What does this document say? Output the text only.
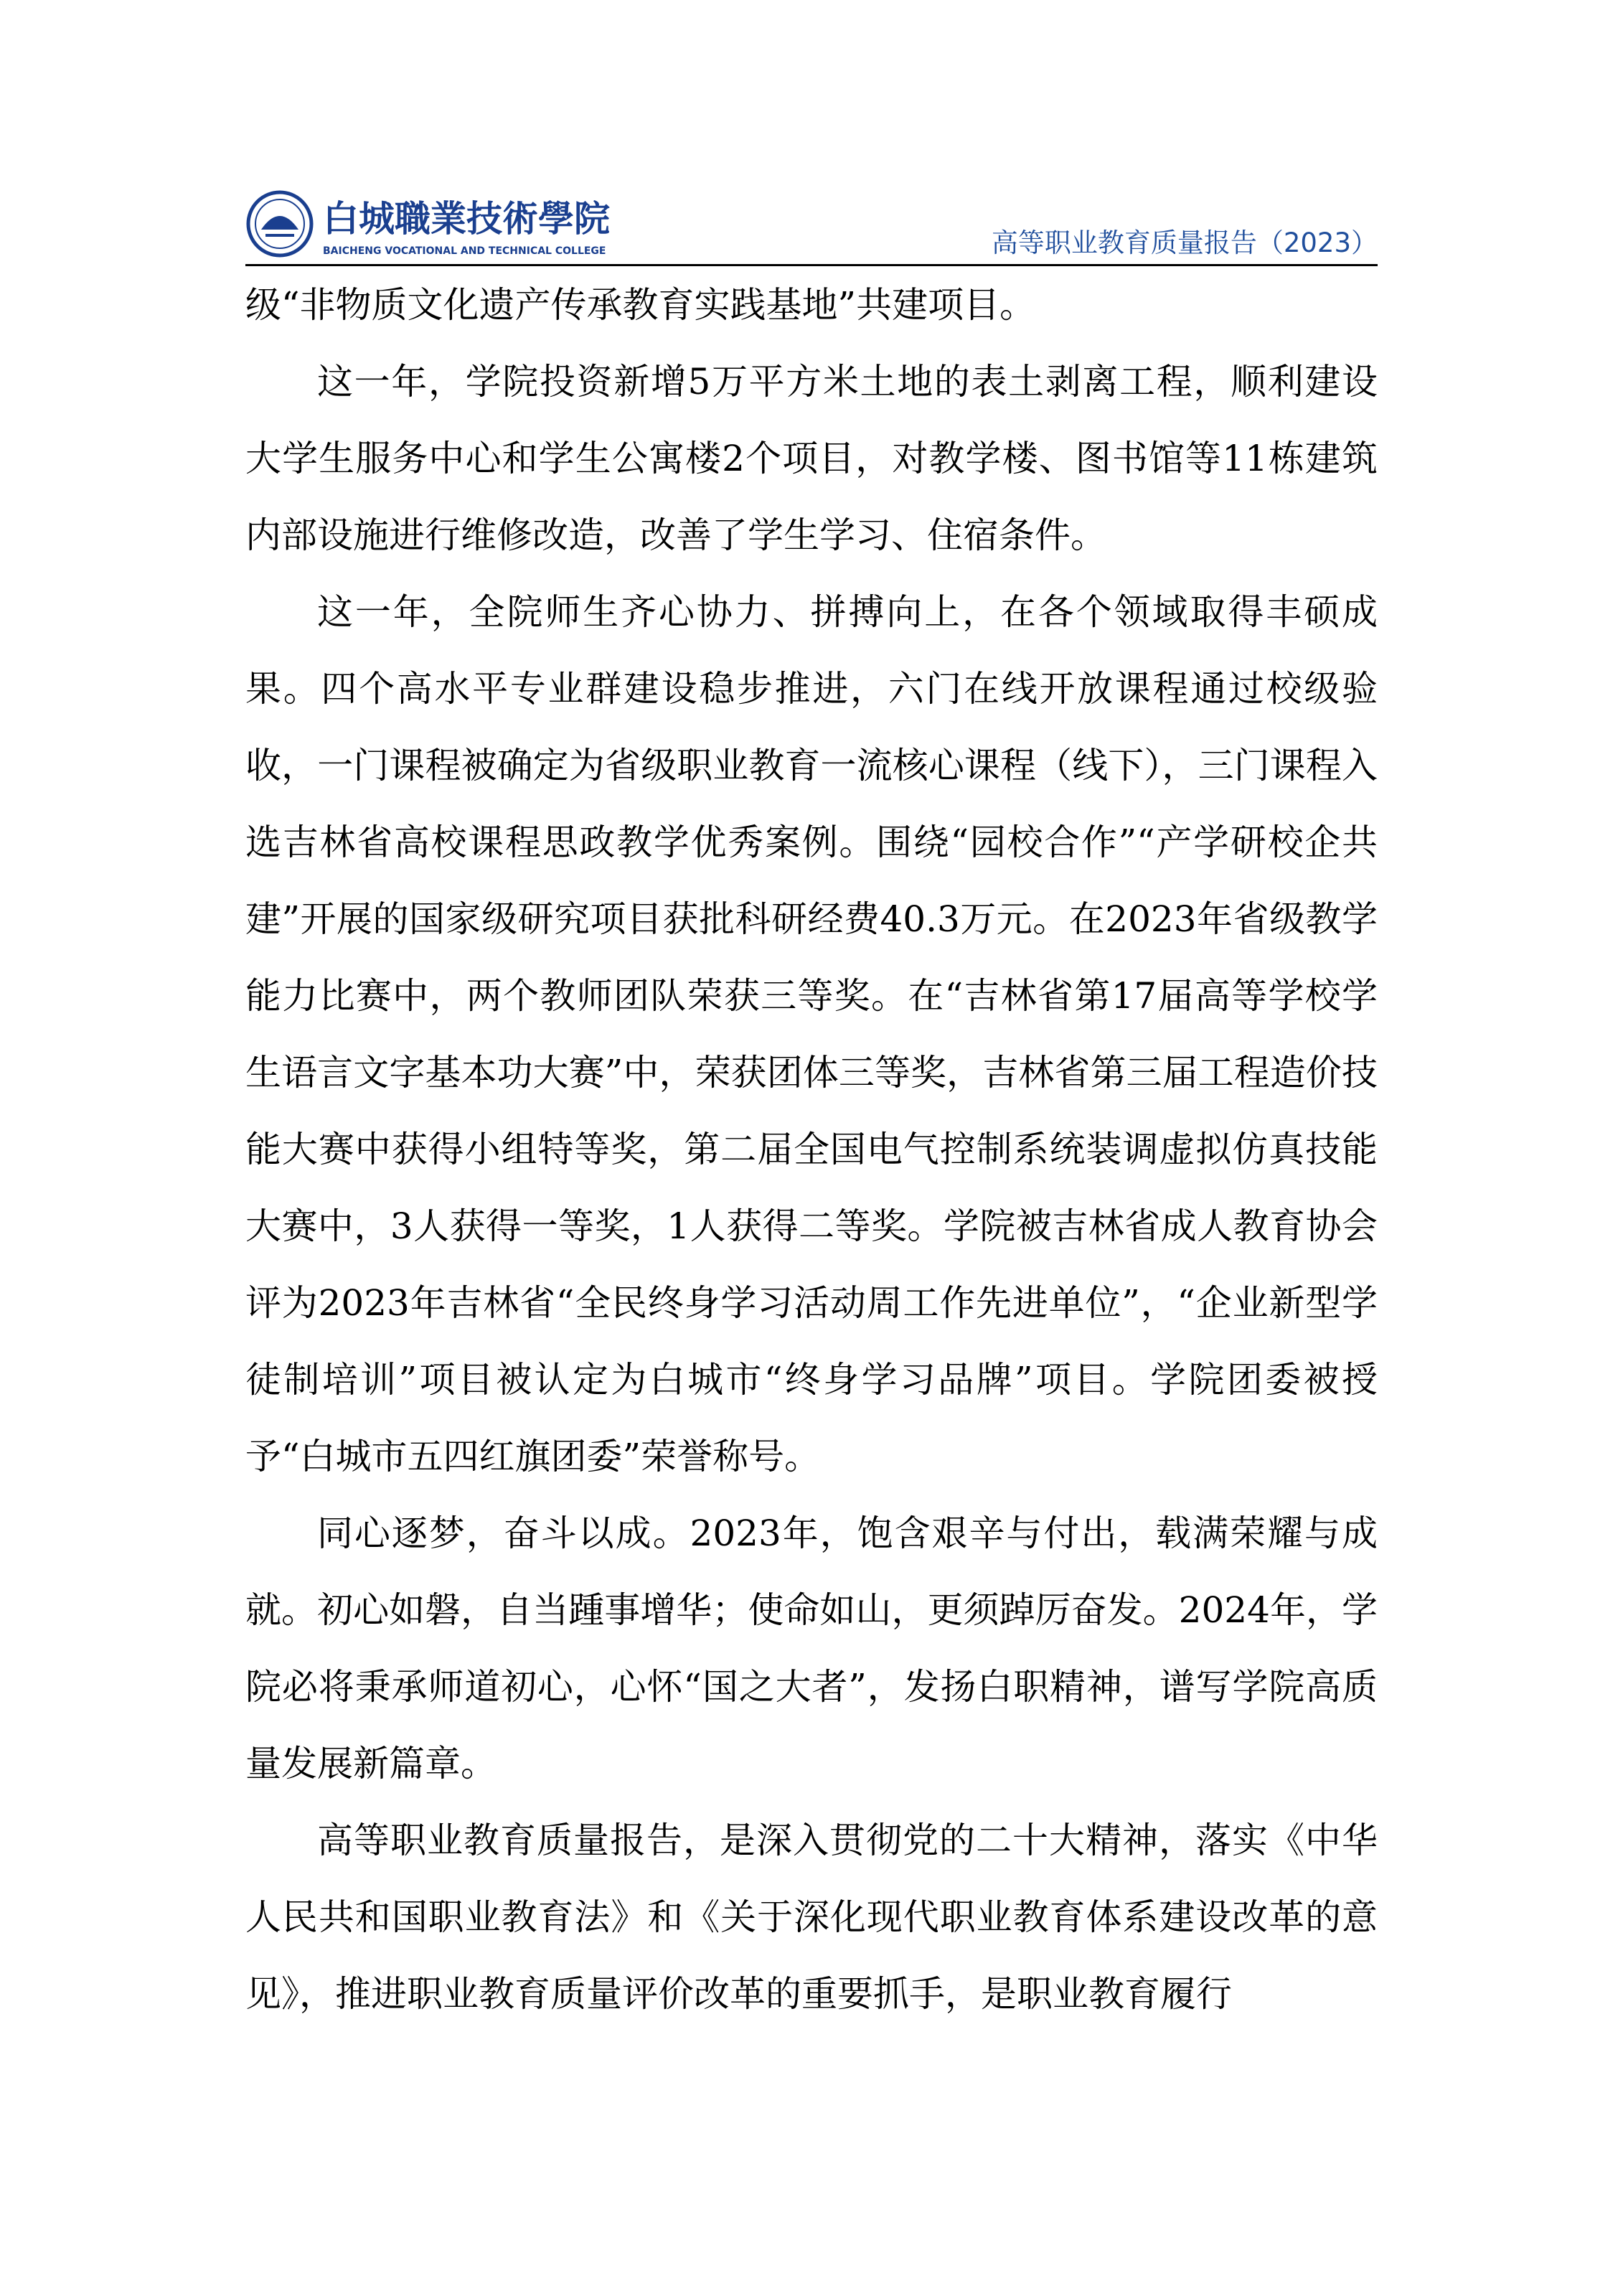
白城職業技術學院
BAICHENG VOCATIONAL AND TECHNICAL COLLEGE	高等职业教育质量报告（2023）

级“非物质文化遗产传承教育实践基地”共建项目。

这一年，学院投资新增5万平方米土地的表土剥离工程，顺利建设大学生服务中心和学生公寓楼2个项目，对教学楼、图书馆等11栋建筑内部设施进行维修改造，改善了学生学习、住宿条件。

这一年，全院师生齐心协力、拼搏向上，在各个领域取得丰硕成果。四个高水平专业群建设稳步推进，六门在线开放课程通过校级验收，一门课程被确定为省级职业教育一流核心课程（线下），三门课程入选吉林省高校课程思政教学优秀案例。围绕“园校合作”“产学研校企共建”开展的国家级研究项目获批科研经费40.3万元。在2023年省级教学能力比赛中，两个教师团队荣获三等奖。在“吉林省第17届高等学校学生语言文字基本功大赛”中，荣获团体三等奖，吉林省第三届工程造价技能大赛中获得小组特等奖，第二届全国电气控制系统装调虚拟仿真技能大赛中，3人获得一等奖，1人获得二等奖。学院被吉林省成人教育协会评为2023年吉林省“全民终身学习活动周工作先进单位”，“企业新型学徒制培训”项目被认定为白城市“终身学习品牌”项目。学院团委被授予“白城市五四红旗团委”荣誉称号。

同心逐梦，奋斗以成。2023年，饱含艰辛与付出，载满荣耀与成就。初心如磐，自当踵事增华；使命如山，更须踔厉奋发。2024年，学院必将秉承师道初心，心怀“国之大者”，发扬白职精神，谱写学院高质量发展新篇章。

高等职业教育质量报告，是深入贯彻党的二十大精神，落实《中华人民共和国职业教育法》和《关于深化现代职业教育体系建设改革的意见》，推进职业教育质量评价改革的重要抓手，是职业教育履行
